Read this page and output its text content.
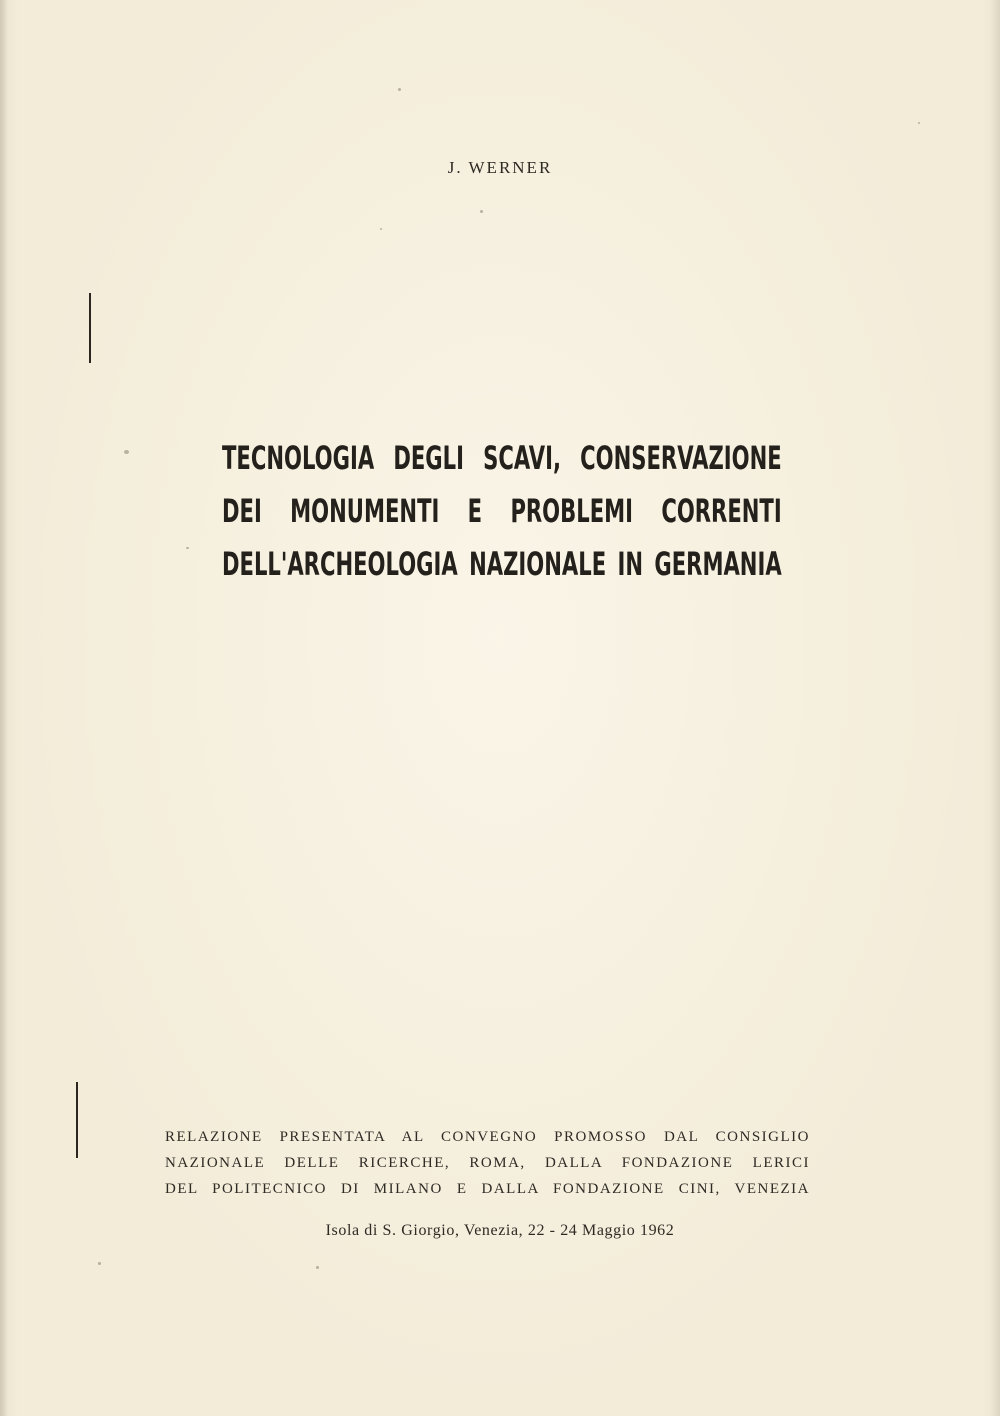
J. WERNER
TECNOLOGIA DEGLI SCAVI, CONSERVAZIONE
DEI MONUMENTI E PROBLEMI CORRENTI
DELL'ARCHEOLOGIA NAZIONALE IN GERMANIA
RELAZIONE PRESENTATA AL CONVEGNO PROMOSSO DAL CONSIGLIO
NAZIONALE DELLE RICERCHE, ROMA, DALLA FONDAZIONE LERICI
DEL POLITECNICO DI MILANO E DALLA FONDAZIONE CINI, VENEZIA
Isola di S. Giorgio, Venezia, 22 - 24 Maggio 1962
